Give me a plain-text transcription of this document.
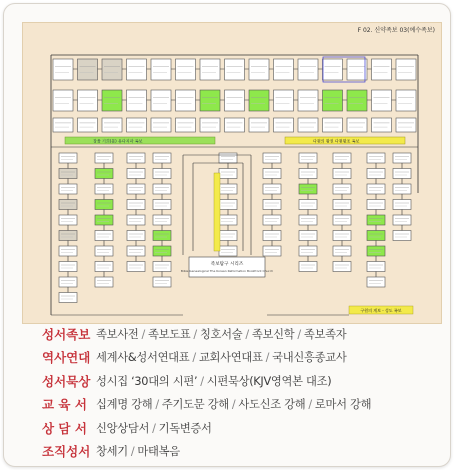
F 02. 신약족보 03(예수족보)
창율 기희(몸) 유다지파 족보	다윗의 왕권 다윗왕조 족보
족보탐구 시리즈
Bible Genealogical The Korean Reformation Bookfront Church
구원의 계보 - 성도 족보
성서족보 족보사전 / 족보도표 / 칭호서술 / 족보신학 / 족보족자
역사연대 세계사&성서연대표 / 교회사연대표 / 국내신흥종교사
성서묵상 성시집 ‘30대의 시편’ / 시편묵상(KJV영역본 대조)
교 육 서 십계명 강해 / 주기도문 강해 / 사도신조 강해 / 로마서 강해
상 담 서 신앙상담서 / 기독변증서
조직성서 창세기 / 마태복음
